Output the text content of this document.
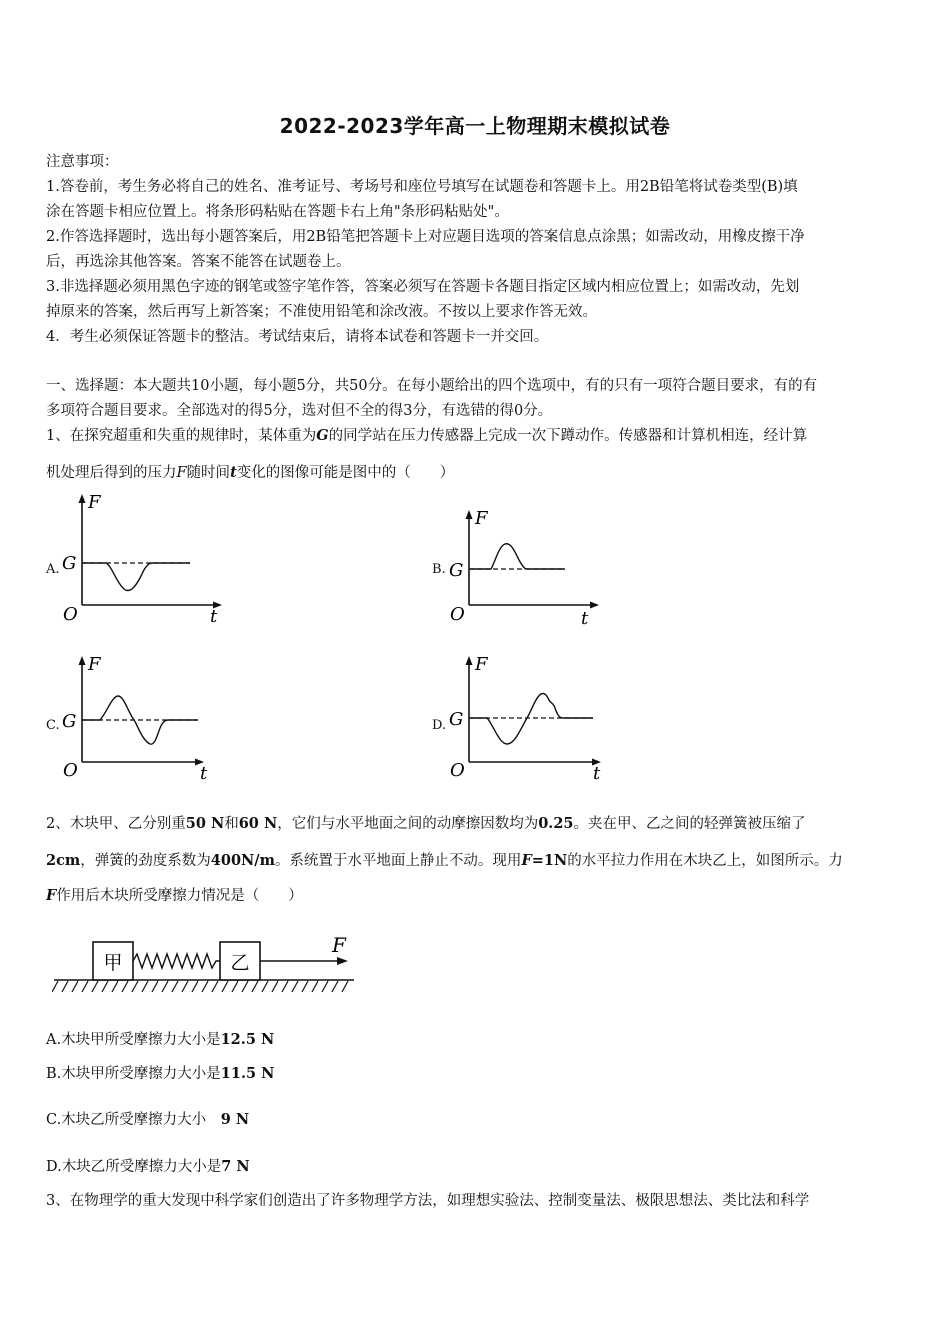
2022-2023学年高一上物理期末模拟试卷
注意事项：
1.答卷前，考生务必将自己的姓名、准考证号、考场号和座位号填写在试题卷和答题卡上。用2B铅笔将试卷类型(B)填
涂在答题卡相应位置上。将条形码粘贴在答题卡右上角"条形码粘贴处"。
2.作答选择题时，选出每小题答案后，用2B铅笔把答题卡上对应题目选项的答案信息点涂黑；如需改动，用橡皮擦干净
后，再选涂其他答案。答案不能答在试题卷上。
3.非选择题必须用黑色字迹的钢笔或签字笔作答，答案必须写在答题卡各题目指定区域内相应位置上；如需改动，先划
掉原来的答案，然后再写上新答案；不准使用铅笔和涂改液。不按以上要求作答无效。
4．考生必须保证答题卡的整洁。考试结束后，请将本试卷和答题卡一并交回。
一、选择题：本大题共10小题，每小题5分，共50分。在每小题给出的四个选项中，有的只有一项符合题目要求，有的有
多项符合题目要求。全部选对的得5分，选对但不全的得3分，有选错的得0分。
1、在探究超重和失重的规律时，某体重为G的同学站在压力传感器上完成一次下蹲动作。传感器和计算机相连，经计算
机处理后得到的压力F随时间t变化的图像可能是图中的（　　）
A.
F
G
O	t
B.
F
G
O	t
C.
F
G
O	t
D.
F
G
O	t
2、木块甲、乙分别重50 N和60 N，它们与水平地面之间的动摩擦因数均为0.25。夹在甲、乙之间的轻弹簧被压缩了
2cm，弹簧的劲度系数为400N/m。系统置于水平地面上静止不动。现用F=1N的水平拉力作用在木块乙上，如图所示。力
F作用后木块所受摩擦力情况是（　　）
甲	乙
F
A.木块甲所受摩擦力大小是12.5 N
B.木块甲所受摩擦力大小是11.5 N
C.木块乙所受摩擦力大小　9 N
D.木块乙所受摩擦力大小是7 N
3、在物理学的重大发现中科学家们创造出了许多物理学方法，如理想实验法、控制变量法、极限思想法、类比法和科学
